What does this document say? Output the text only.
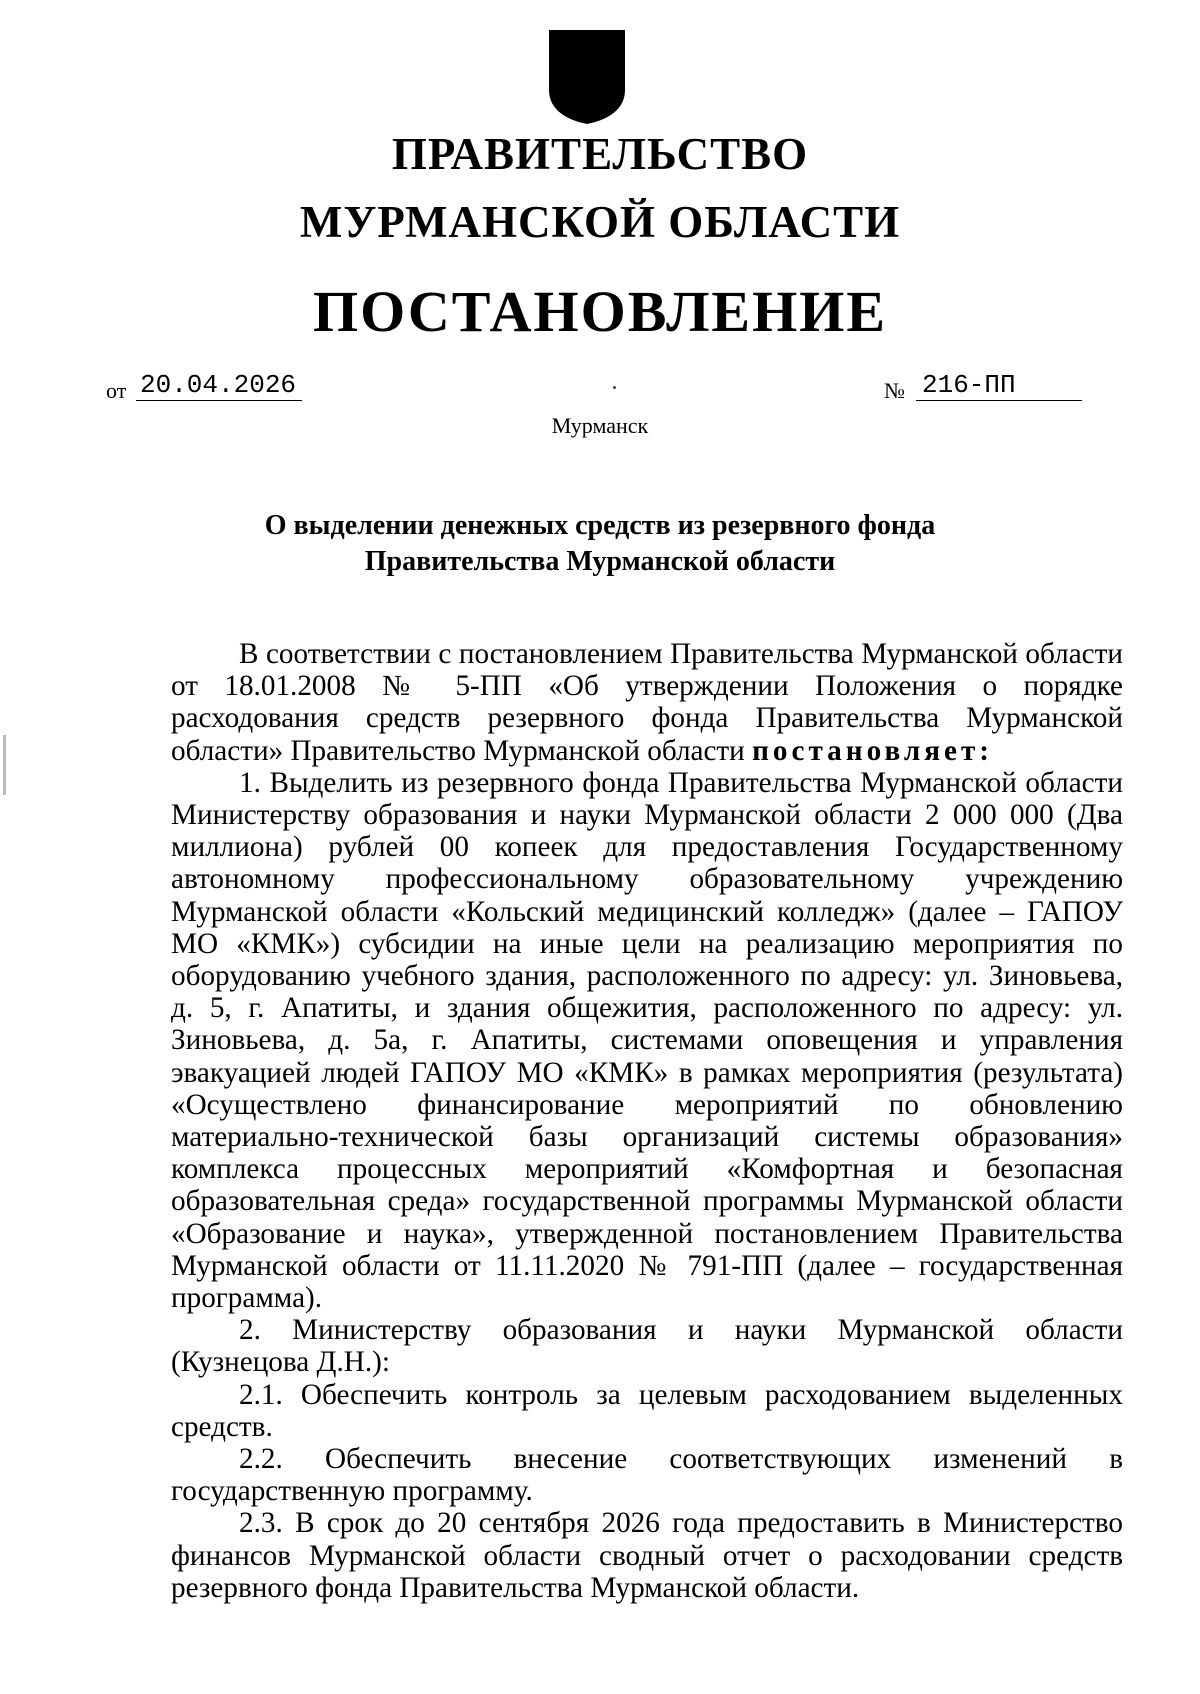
ПРАВИТЕЛЬСТВО
МУРМАНСКОЙ ОБЛАСТИ
ПОСТАНОВЛЕНИЕ
от 20.04.2026	№ 216-ПП
Мурманск
О выделении денежных средств из резервного фонда
Правительства Мурманской области

В соответствии с постановлением Правительства Мурманской области от 18.01.2008 № 5-ПП «Об утверждении Положения о порядке расходования средств резервного фонда Правительства Мурманской области» Правительство Мурманской области постановляет:

1. Выделить из резервного фонда Правительства Мурманской области Министерству образования и науки Мурманской области 2 000 000 (Два миллиона) рублей 00 копеек для предоставления Государственному автономному профессиональному образовательному учреждению Мурманской области «Кольский медицинский колледж» (далее – ГАПОУ МО «КМК») субсидии на иные цели на реализацию мероприятия по оборудованию учебного здания, расположенного по адресу: ул. Зиновьева, д. 5, г. Апатиты, и здания общежития, расположенного по адресу: ул. Зиновьева, д. 5а, г. Апатиты, системами оповещения и управления эвакуацией людей ГАПОУ МО «КМК» в рамках мероприятия (результата) «Осуществлено финансирование мероприятий по обновлению материально-технической базы организаций системы образования» комплекса процессных мероприятий «Комфортная и безопасная образовательная среда» государственной программы Мурманской области «Образование и наука», утвержденной постановлением Правительства Мурманской области от 11.11.2020 № 791-ПП (далее – государственная программа).

2. Министерству образования и науки Мурманской области (Кузнецова Д.Н.):

2.1. Обеспечить контроль за целевым расходованием выделенных средств.

2.2. Обеспечить внесение соответствующих изменений в государственную программу.

2.3. В срок до 20 сентября 2026 года предоставить в Министерство финансов Мурманской области сводный отчет о расходовании средств резервного фонда Правительства Мурманской области.
